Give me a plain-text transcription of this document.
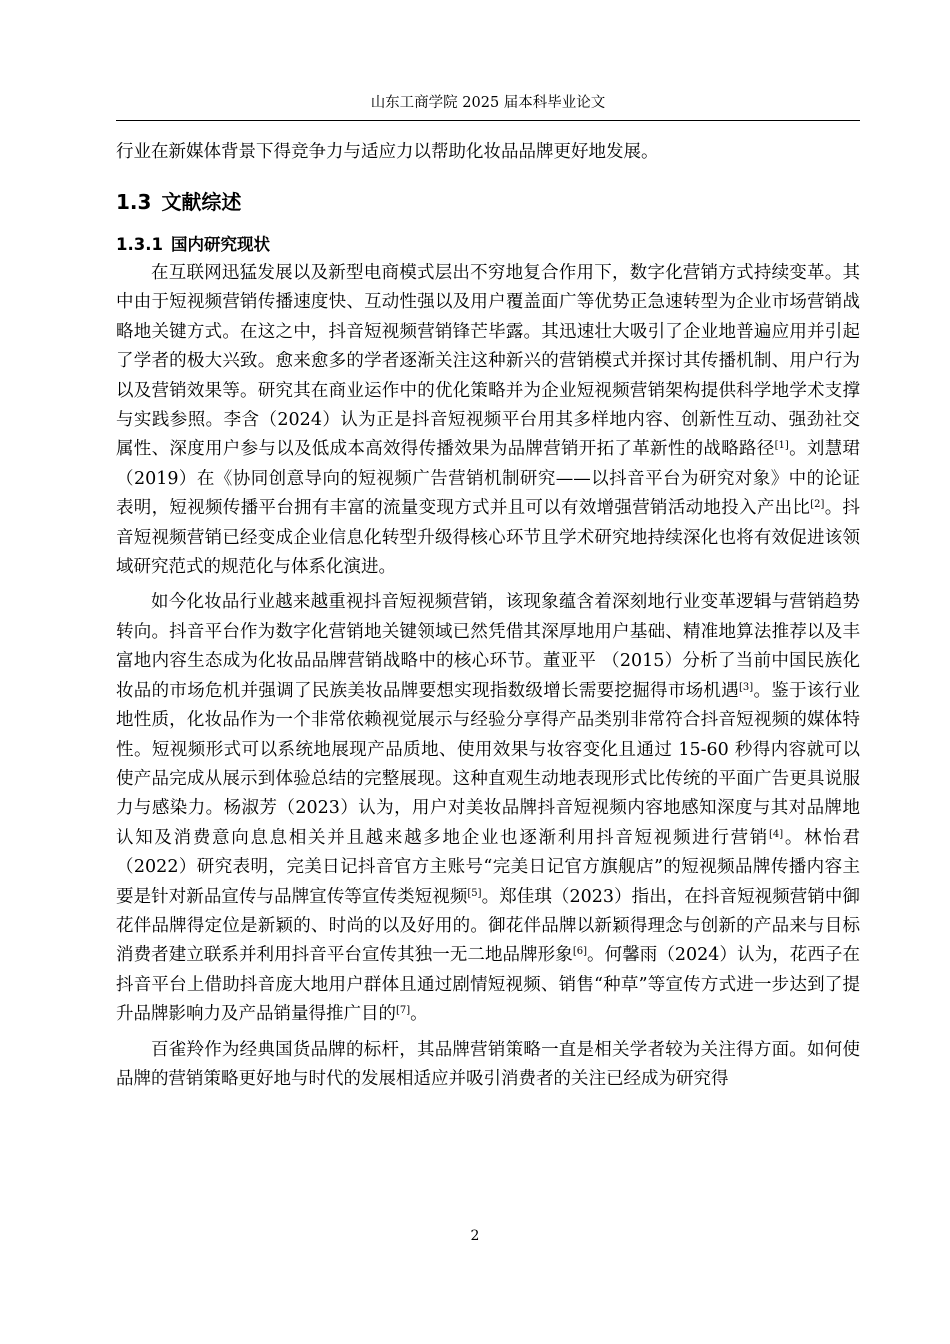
山东工商学院 2025 届本科毕业论文

行业在新媒体背景下得竞争力与适应力以帮助化妆品品牌更好地发展。

1.3 文献综述
1.3.1 国内研究现状

在互联网迅猛发展以及新型电商模式层出不穷地复合作用下，数字化营销方式持续变革。其中由于短视频营销传播速度快、互动性强以及用户覆盖面广等优势正急速转型为企业市场营销战略地关键方式。在这之中，抖音短视频营销锋芒毕露。其迅速壮大吸引了企业地普遍应用并引起了学者的极大兴致。愈来愈多的学者逐渐关注这种新兴的营销模式并探讨其传播机制、用户行为以及营销效果等。研究其在商业运作中的优化策略并为企业短视频营销架构提供科学地学术支撑与实践参照。李含（2024）认为正是抖音短视频平台用其多样地内容、创新性互动、强劲社交属性、深度用户参与以及低成本高效得传播效果为品牌营销开拓了革新性的战略路径[1]。刘慧珺（2019）在《协同创意导向的短视频广告营销机制研究——以抖音平台为研究对象》中的论证表明，短视频传播平台拥有丰富的流量变现方式并且可以有效增强营销活动地投入产出比[2]。抖音短视频营销已经变成企业信息化转型升级得核心环节且学术研究地持续深化也将有效促进该领域研究范式的规范化与体系化演进。

如今化妆品行业越来越重视抖音短视频营销，该现象蕴含着深刻地行业变革逻辑与营销趋势转向。抖音平台作为数字化营销地关键领域已然凭借其深厚地用户基础、精准地算法推荐以及丰富地内容生态成为化妆品品牌营销战略中的核心环节。董亚平 （2015）分析了当前中国民族化妆品的市场危机并强调了民族美妆品牌要想实现指数级增长需要挖掘得市场机遇[3]。鉴于该行业地性质，化妆品作为一个非常依赖视觉展示与经验分享得产品类别非常符合抖音短视频的媒体特性。短视频形式可以系统地展现产品质地、使用效果与妆容变化且通过 15-60 秒得内容就可以使产品完成从展示到体验总结的完整展现。这种直观生动地表现形式比传统的平面广告更具说服力与感染力。杨淑芳（2023）认为，用户对美妆品牌抖音短视频内容地感知深度与其对品牌地认知及消费意向息息相关并且越来越多地企业也逐渐利用抖音短视频进行营销[4]。林怡君（2022）研究表明，完美日记抖音官方主账号“完美日记官方旗舰店”的短视频品牌传播内容主要是针对新品宣传与品牌宣传等宣传类短视频[5]。郑佳琪（2023）指出，在抖音短视频营销中御花伴品牌得定位是新颖的、时尚的以及好用的。御花伴品牌以新颖得理念与创新的产品来与目标消费者建立联系并利用抖音平台宣传其独一无二地品牌形象[6]。何馨雨（2024）认为，花西子在抖音平台上借助抖音庞大地用户群体且通过剧情短视频、销售“种草”等宣传方式进一步达到了提升品牌影响力及产品销量得推广目的[7]。

百雀羚作为经典国货品牌的标杆，其品牌营销策略一直是相关学者较为关注得方面。如何使品牌的营销策略更好地与时代的发展相适应并吸引消费者的关注已经成为研究得

2
